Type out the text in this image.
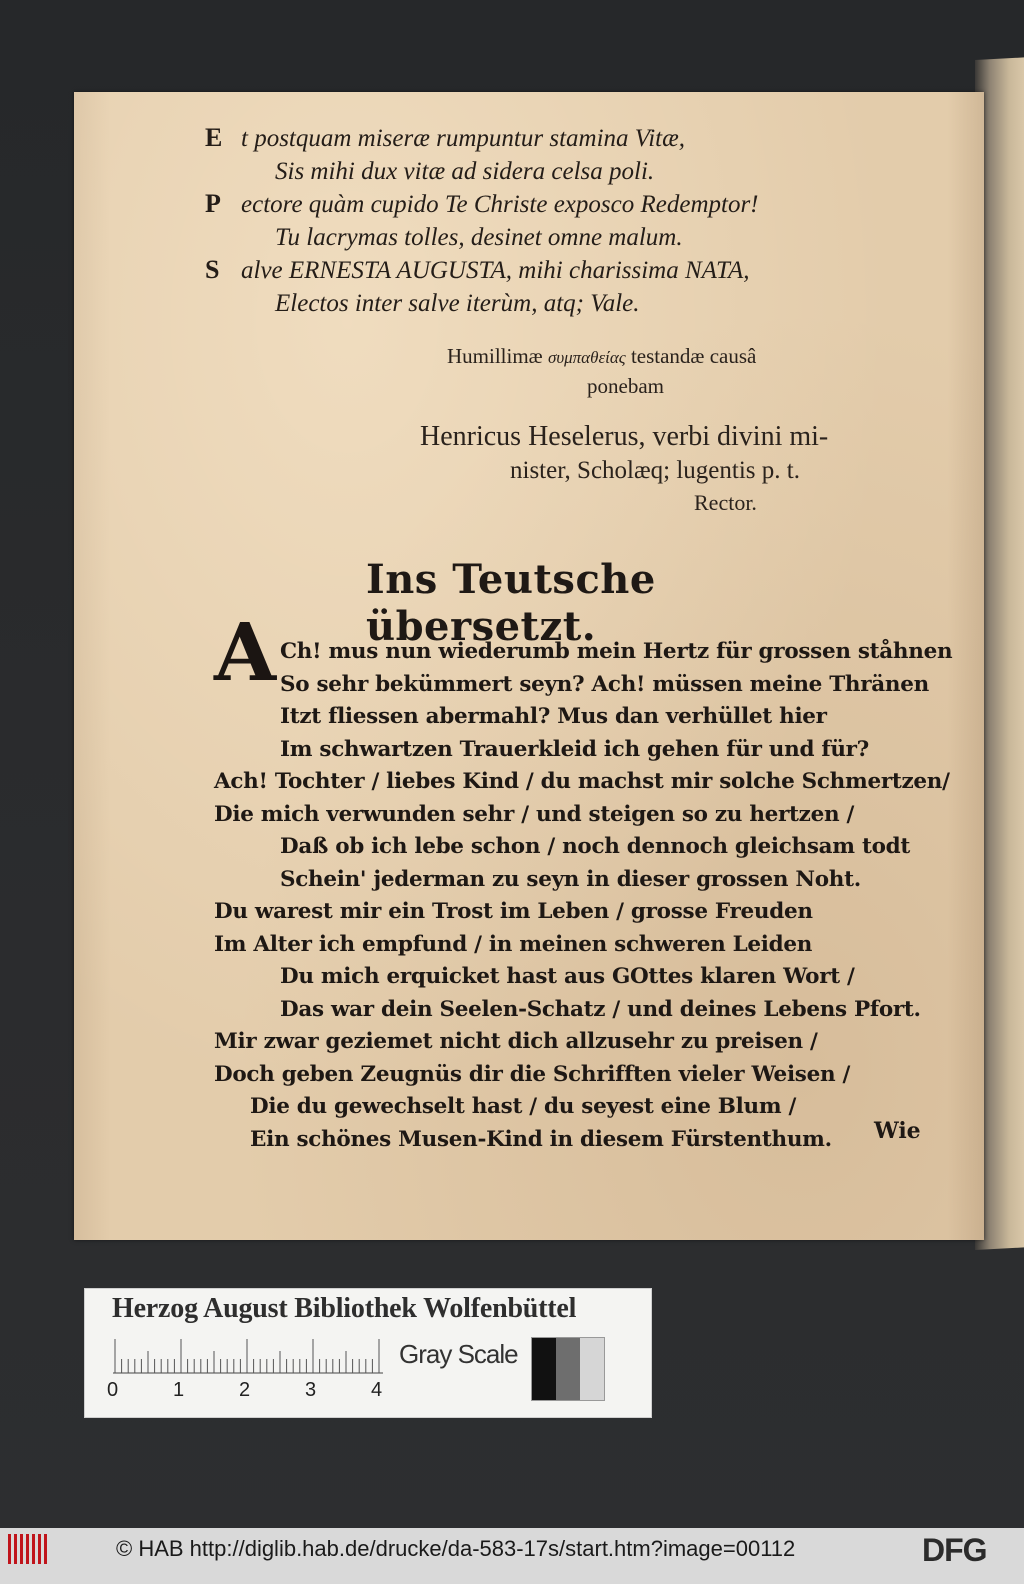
E t postquam miseræ rumpuntur stamina Vitæ,
Sis mihi dux vitæ ad sidera celsa poli.
P ectore quàm cupido Te Christe exposco Redemptor!
Tu lacrymas tolles, desinet omne malum.
S alve ERNESTA AUGUSTA, mihi charissima NATA,
Electos inter salve iterùm, atq; Vale.
Humillimæ συμπαθείας testandæ causâ
ponebam
Henricus Heselerus, verbi divini mi-
nister, Scholæq; lugentis p. t.
Rector.
Ins Teutsche übersetzt.
A Ch! mus nun wiederumb mein Hertz für grossen ståhnen
So sehr bekümmert seyn? Ach! müssen meine Thränen
Itzt fliessen abermahl? Mus dan verhüllet hier
Im schwartzen Trauerkleid ich gehen für und für?
Ach! Tochter / liebes Kind / du machst mir solche Schmertzen/
Die mich verwunden sehr / und steigen so zu hertzen /
Daß ob ich lebe schon / noch dennoch gleichsam todt
Schein' jederman zu seyn in dieser grossen Noht.
Du warest mir ein Trost im Leben / grosse Freuden
Im Alter ich empfund / in meinen schweren Leiden
Du mich erquicket hast aus GOttes klaren Wort /
Das war dein Seelen-Schatz / und deines Lebens Pfort.
Mir zwar geziemet nicht dich allzusehr zu preisen /
Doch geben Zeugnüs dir die Schrifften vieler Weisen /
Die du gewechselt hast / du seyest eine Blum /
Ein schönes Musen-Kind in diesem Fürstenthum.	Wie
Herzog August Bibliothek Wolfenbüttel
0	1	2	3	4
Gray Scale
© HAB http://diglib.hab.de/drucke/da-583-17s/start.htm?image=00112	DFG
